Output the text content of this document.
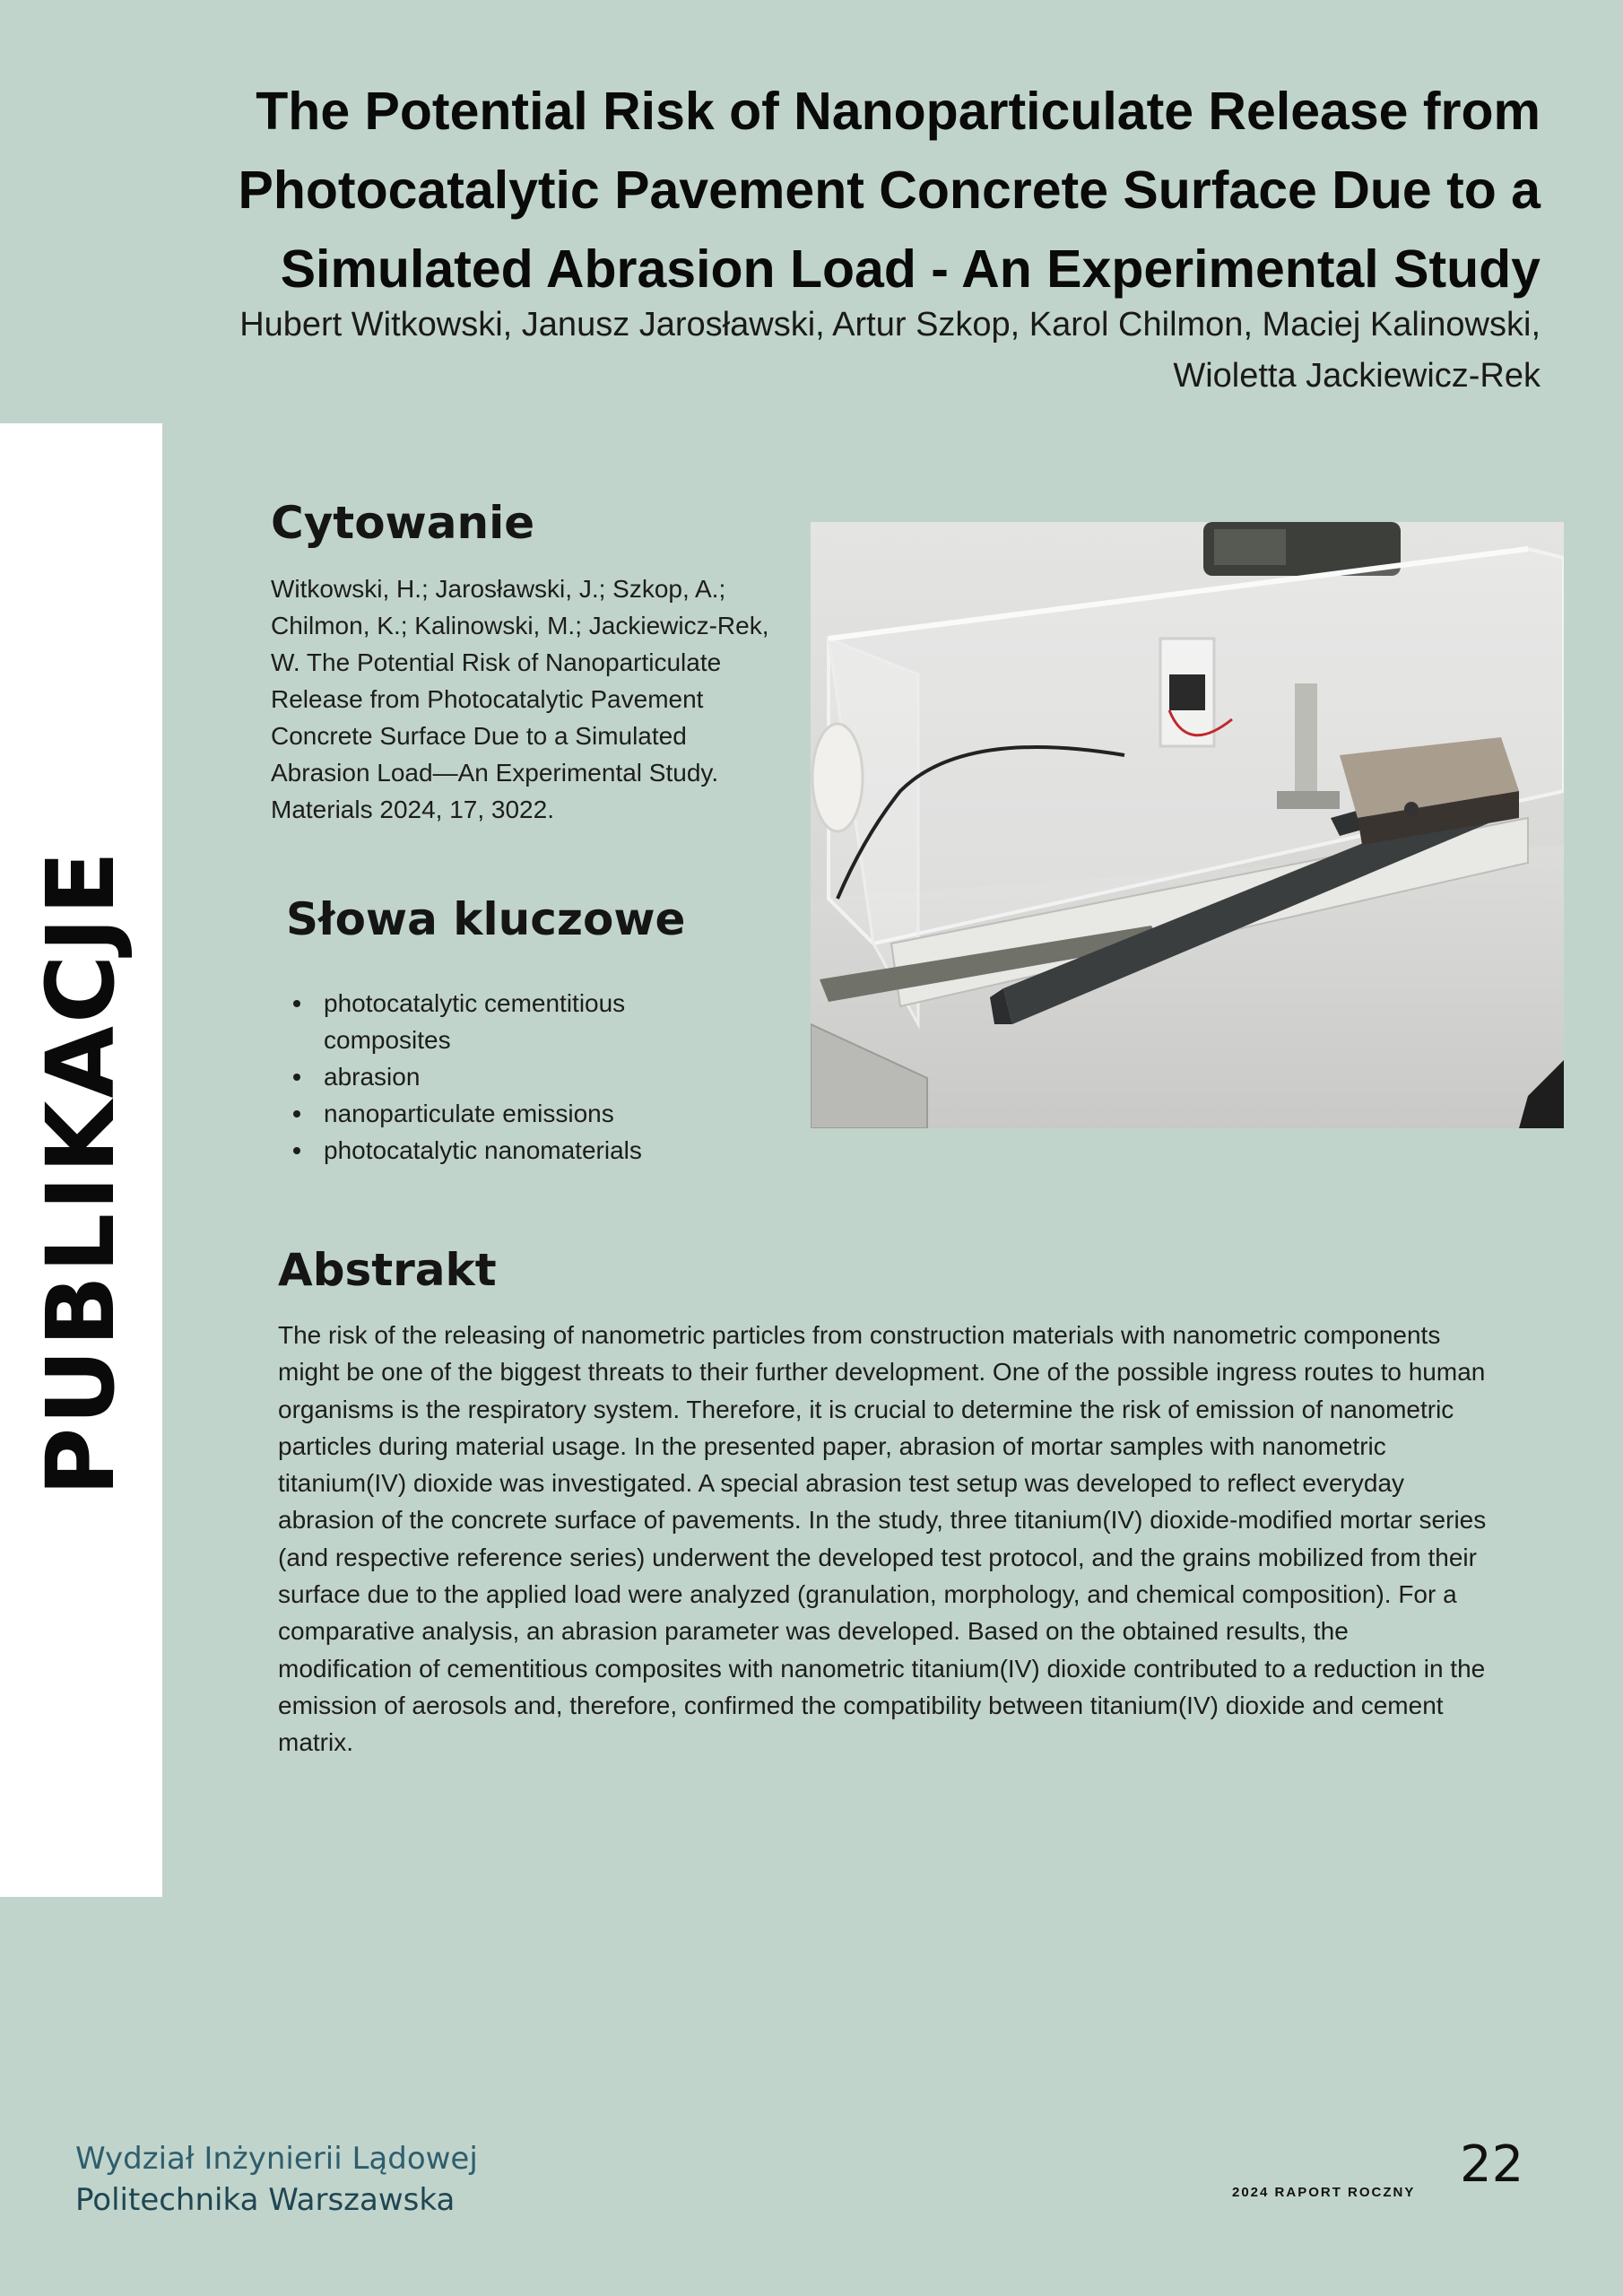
The Potential Risk of Nanoparticulate Release from
Photocatalytic Pavement Concrete Surface Due to a
Simulated Abrasion Load - An Experimental Study

Hubert Witkowski, Janusz Jarosławski, Artur Szkop, Karol Chilmon, Maciej Kalinowski,
Wioletta Jackiewicz-Rek

PUBLIKACJE
Cytowanie

Witkowski, H.; Jarosławski, J.; Szkop, A.; Chilmon, K.; Kalinowski, M.; Jackiewicz-Rek, W. The Potential Risk of Nanoparticulate Release from Photocatalytic Pavement Concrete Surface Due to a Simulated Abrasion Load—An Experimental Study. Materials 2024, 17, 3022.

Słowa kluczowe
photocatalytic cementitious composites
abrasion
nanoparticulate emissions
photocatalytic nanomaterials
Abstrakt

The risk of the releasing of nanometric particles from construction materials with nanometric components might be one of the biggest threats to their further development. One of the possible ingress routes to human organisms is the respiratory system. Therefore, it is crucial to determine the risk of emission of nanometric particles during material usage. In the presented paper, abrasion of mortar samples with nanometric titanium(IV) dioxide was investigated. A special abrasion test setup was developed to reflect everyday abrasion of the concrete surface of pavements. In the study, three titanium(IV) dioxide-modified mortar series (and respective reference series) underwent the developed test protocol, and the grains mobilized from their surface due to the applied load were analyzed (granulation, morphology, and chemical composition). For a comparative analysis, an abrasion parameter was developed. Based on the obtained results, the modification of cementitious composites with nanometric titanium(IV) dioxide contributed to a reduction in the emission of aerosols and, therefore, confirmed the compatibility between titanium(IV) dioxide and cement matrix.

Wydział Inżynierii Lądowej
Politechnika Warszawska	2024 RAPORT ROCZNY 22
